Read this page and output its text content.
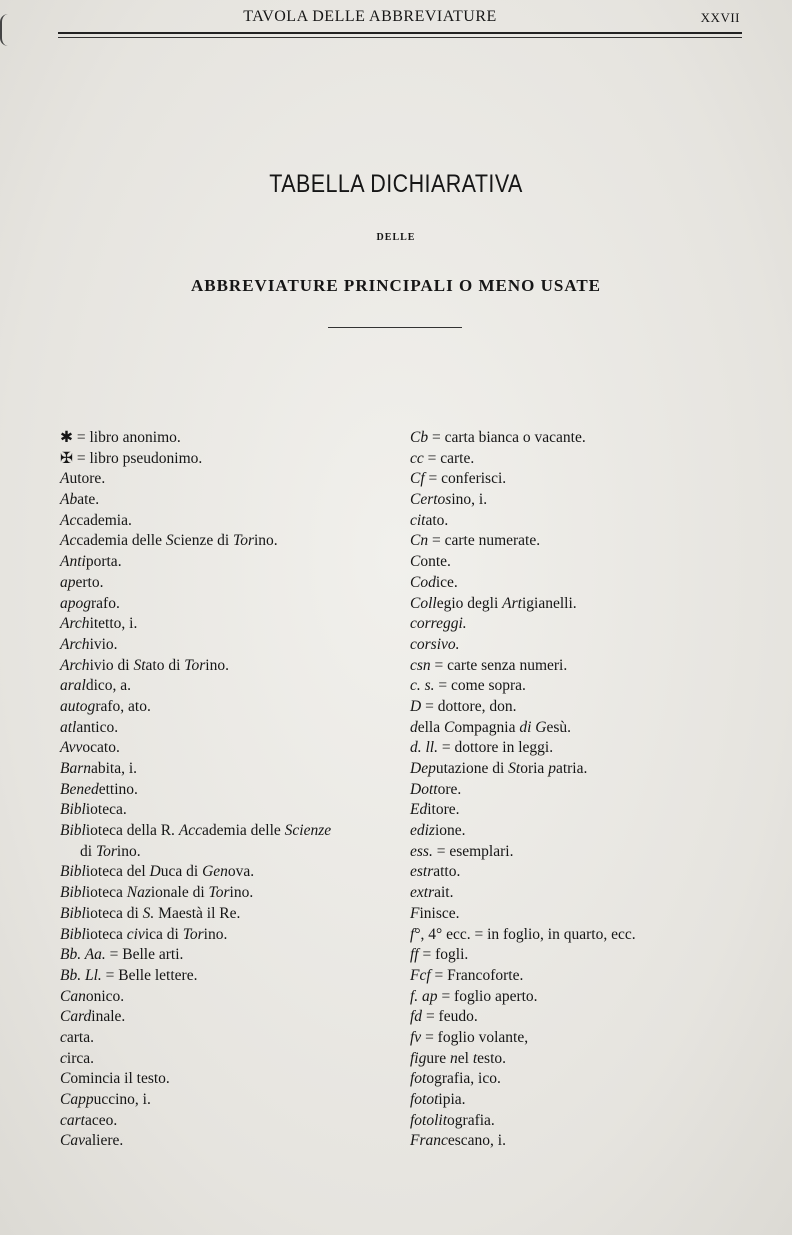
TAVOLA DELLE ABBREVIATURE	XXVII
TABELLA DICHIARATIVA
DELLE
ABBREVIATURE PRINCIPALI O MENO USATE
✱ = libro anonimo.
✠ = libro pseudonimo.
Autore.
Abate.
Accademia.
Accademia delle Scienze di Torino.
Antiporta.
aperto.
apografo.
Architetto, i.
Archivio.
Archivio di Stato di Torino.
araldico, a.
autografo, ato.
atlantico.
Avvocato.
Barnabita, i.
Benedettino.
Biblioteca.
Biblioteca della R. Accademia delle Scienze
di Torino.
Biblioteca del Duca di Genova.
Biblioteca Nazionale di Torino.
Biblioteca di S. Maestà il Re.
Biblioteca civica di Torino.
Bb. Aa. = Belle arti.
Bb. Ll. = Belle lettere.
Canonico.
Cardinale.
carta.
circa.
Comincia il testo.
Cappuccino, i.
cartaceo.
Cavaliere.
Cb = carta bianca o vacante.
cc = carte.
Cf = conferisci.
Certosino, i.
citato.
Cn = carte numerate.
Conte.
Codice.
Collegio degli Artigianelli.
correggi.
corsivo.
csn = carte senza numeri.
c. s. = come sopra.
D = dottore, don.
della Compagnia di Gesù.
d. ll. = dottore in leggi.
Deputazione di Storia patria.
Dottore.
Editore.
edizione.
ess. = esemplari.
estratto.
extrait.
Finisce.
f°, 4° ecc. = in foglio, in quarto, ecc.
ff = fogli.
Fcf = Francoforte.
f. ap = foglio aperto.
fd = feudo.
fv = foglio volante,
figure nel testo.
fotografia, ico.
fototipia.
fotolitografia.
Francescano, i.
